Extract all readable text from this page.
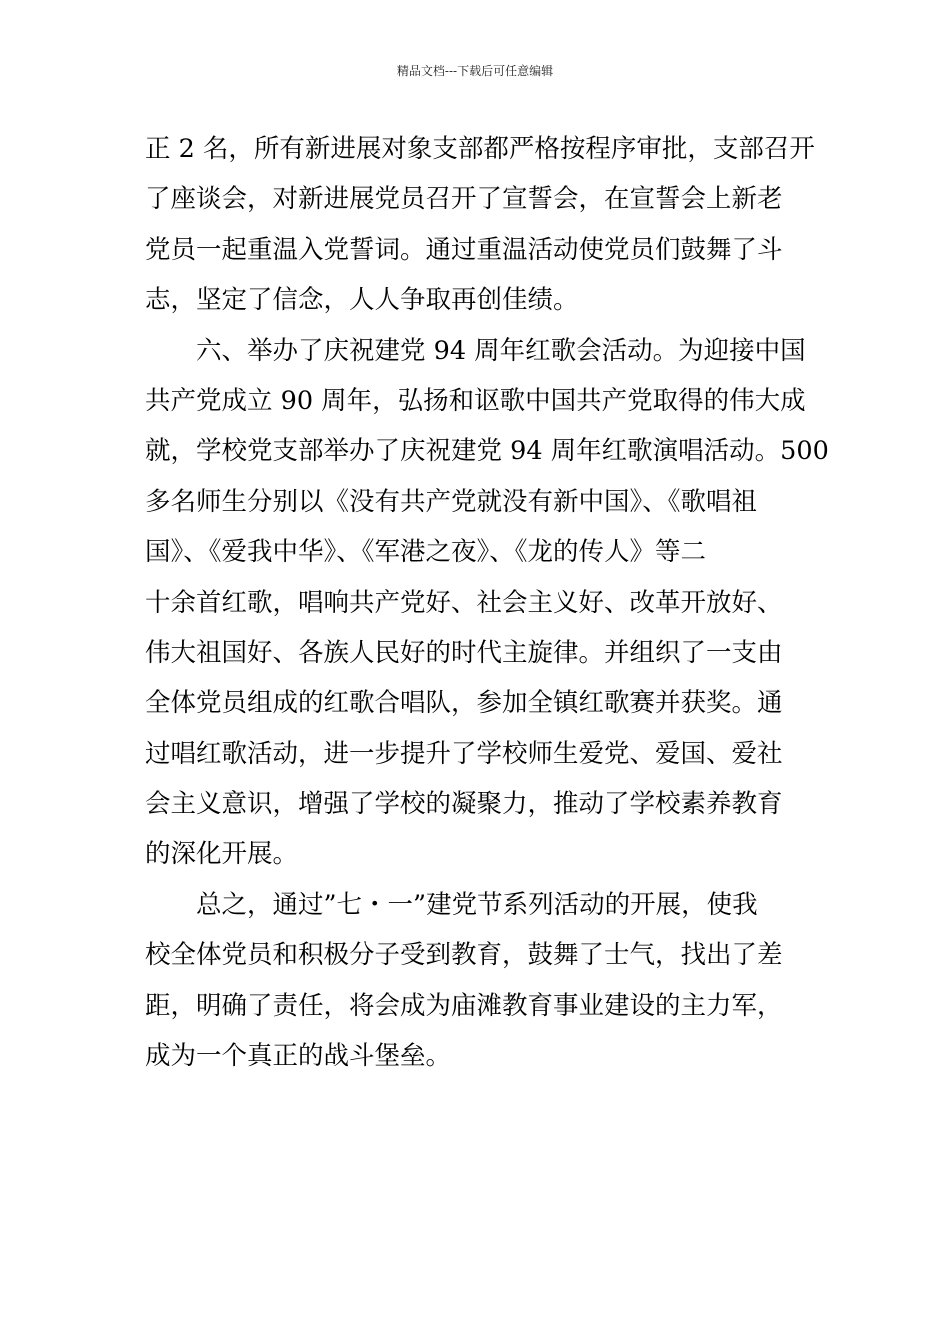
精品文档---下载后可任意编辑
正 2 名，所有新进展对象支部都严格按程序审批，支部召开
了座谈会，对新进展党员召开了宣誓会，在宣誓会上新老
党员一起重温入党誓词。通过重温活动使党员们鼓舞了斗
志，坚定了信念，人人争取再创佳绩。
六、举办了庆祝建党 94 周年红歌会活动。为迎接中国
共产党成立 90 周年，弘扬和讴歌中国共产党取得的伟大成
就，学校党支部举办了庆祝建党 94 周年红歌演唱活动。500
多名师生分别以《没有共产党就没有新中国》、《歌唱祖
国》、《爱我中华》、《军港之夜》、《龙的传人》等二
十余首红歌，唱响共产党好、社会主义好、改革开放好、
伟大祖国好、各族人民好的时代主旋律。并组织了一支由
全体党员组成的红歌合唱队，参加全镇红歌赛并获奖。通
过唱红歌活动，进一步提升了学校师生爱党、爱国、爱社
会主义意识，增强了学校的凝聚力，推动了学校素养教育
的深化开展。
总之，通过”七・一”建党节系列活动的开展，使我
校全体党员和积极分子受到教育，鼓舞了士气，找出了差
距，明确了责任，将会成为庙滩教育事业建设的主力军，
成为一个真正的战斗堡垒。
